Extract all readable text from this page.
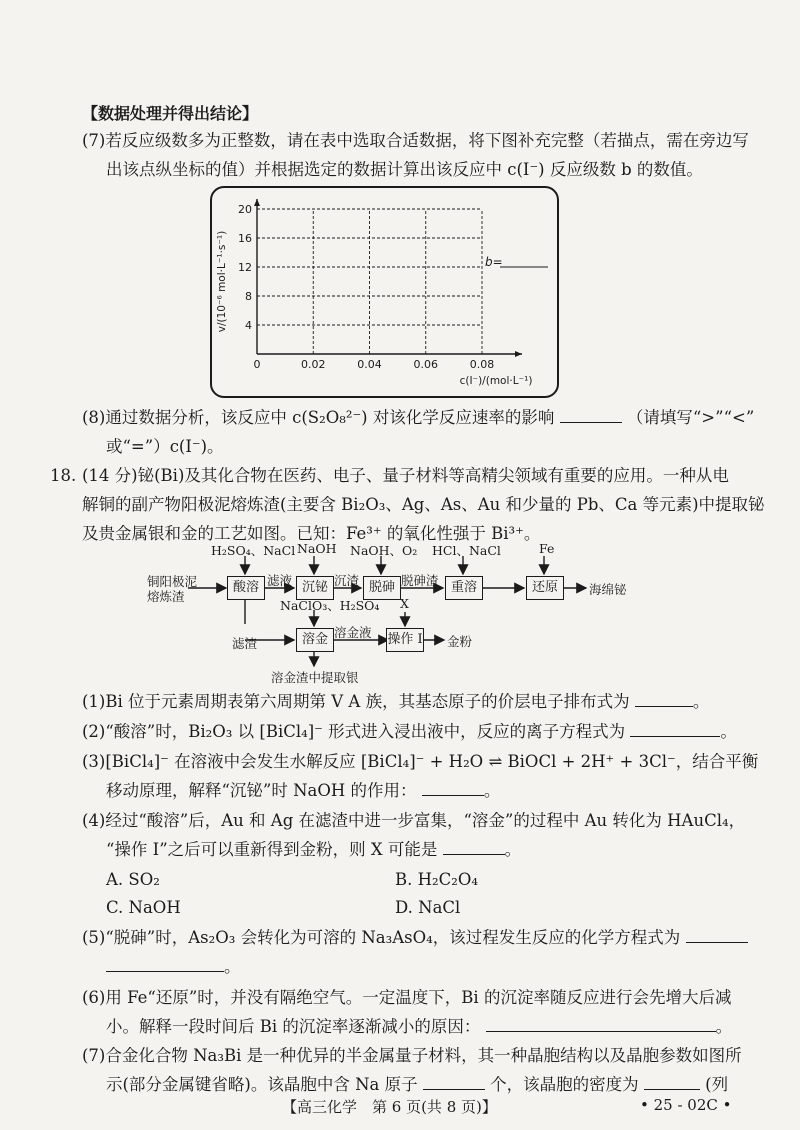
【数据处理并得出结论】
(7)若反应级数多为正整数，请在表中选取合适数据，将下图补充完整（若描点，需在旁边写
出该点纵坐标的值）并根据选定的数据计算出该反应中 c(I⁻) 反应级数 b 的数值。
4
8
12
16
20
0.02	0.04	0.06	0.08
0
c(I⁻)/(mol·L⁻¹)
v/(10⁻⁶ mol·L⁻¹·s⁻¹)	b=
(8)通过数据分析，该反应中 c(S₂O₈²⁻) 对该化学反应速率的影响	（请填写“>”“<”
或“=”）c(I⁻)。
18. (14 分)铋(Bi)及其化合物在医药、电子、量子材料等高精尖领域有重要的应用。一种从电
解铜的副产物阳极泥熔炼渣(主要含 Bi₂O₃、Ag、As、Au 和少量的 Pb、Ca 等元素)中提取铋
及贵金属银和金的工艺如图。已知：Fe³⁺ 的氧化性强于 Bi³⁺。
铜阳极泥
熔炼渣
酸溶	沉铋	脱砷	重溶	还原
溶金	操作 I
H₂SO₄、NaCl NaOH NaOH、O₂ HCl、NaCl	Fe
NaClO₃、H₂SO₄ X
滤液	沉渣	脱砷渣
滤渣
溶金液
海绵铋
金粉
溶金渣中提取银
(1)Bi 位于元素周期表第六周期第 V A 族，其基态原子的价层电子排布式为	。
(2)“酸溶”时，Bi₂O₃ 以 [BiCl₄]⁻ 形式进入浸出液中，反应的离子方程式为	。
(3)[BiCl₄]⁻ 在溶液中会发生水解反应 [BiCl₄]⁻ + H₂O ⇌ BiOCl + 2H⁺ + 3Cl⁻，结合平衡
移动原理，解释“沉铋”时 NaOH 的作用：	。
(4)经过“酸溶”后，Au 和 Ag 在滤渣中进一步富集，“溶金”的过程中 Au 转化为 HAuCl₄，
“操作 I”之后可以重新得到金粉，则 X 可能是	。
A. SO₂	B. H₂C₂O₄
C. NaOH	D. NaCl
(5)“脱砷”时，As₂O₃ 会转化为可溶的 Na₃AsO₄，该过程发生反应的化学方程式为
。
(6)用 Fe“还原”时，并没有隔绝空气。一定温度下，Bi 的沉淀率随反应进行会先增大后减
小。解释一段时间后 Bi 的沉淀率逐渐减小的原因：	。
(7)合金化合物 Na₃Bi 是一种优异的半金属量子材料，其一种晶胞结构以及晶胞参数如图所
示(部分金属键省略)。该晶胞中含 Na 原子	个，该晶胞的密度为	(列
【高三化学　第 6 页(共 8 页)】	• 25 - 02C •
